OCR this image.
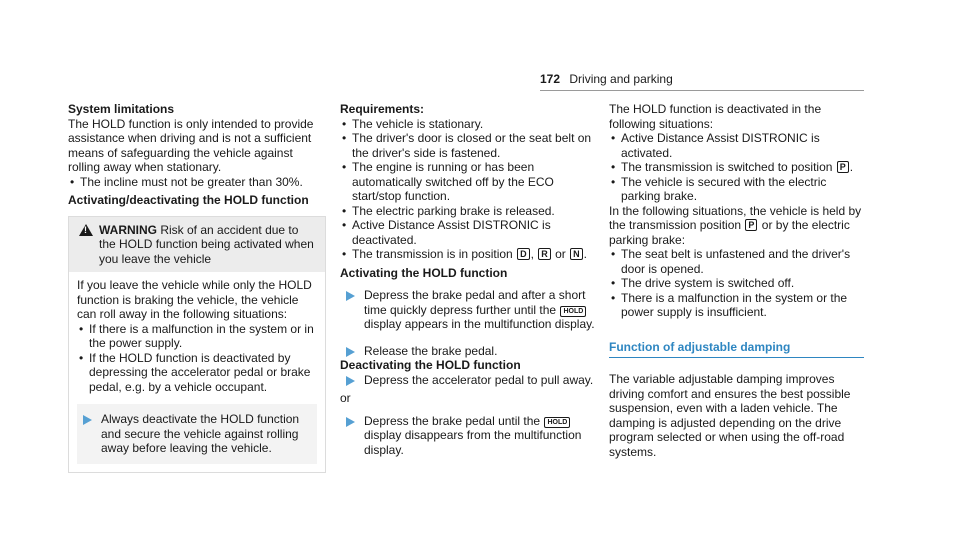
172 Driving and parking

System limitations

The HOLD function is only intended to provide assistance when driving and is not a sufficient means of safeguarding the vehicle against rolling away when stationary.

• The incline must not be greater than 30%.

Activating/deactivating the HOLD function

!
WARNING Risk of an accident due to the HOLD function being activated when you leave the vehicle

If you leave the vehicle while only the HOLD function is braking the vehicle, the vehicle can roll away in the following situations:

• If there is a malfunction in the system or in the power supply.
• If the HOLD function is deactivated by depressing the accelerator pedal or brake pedal, e.g. by a vehicle occupant.
Always deactivate the HOLD function and secure the vehicle against rolling away before leaving the vehicle.

Requirements:

• The vehicle is stationary.
• The driver's door is closed or the seat belt on the driver's side is fastened.
• The engine is running or has been automatically switched off by the ECO start/stop function.
• The electric parking brake is released.
• Active Distance Assist DISTRONIC is deactivated.
• The transmission is in position D , R or N .

Activating the HOLD function

Depress the brake pedal and after a short time quickly depress further until the HOLD display appears in the multifunction display.
Release the brake pedal.

Deactivating the HOLD function

Depress the accelerator pedal to pull away.

or

Depress the brake pedal until the HOLD display disappears from the multifunction display.

The HOLD function is deactivated in the following situations:

• Active Distance Assist DISTRONIC is activated.
• The transmission is switched to position P .
• The vehicle is secured with the electric parking brake.

In the following situations, the vehicle is held by the transmission position P or by the electric parking brake:

• The seat belt is unfastened and the driver's door is opened.
• The drive system is switched off.
• There is a malfunction in the system or the power supply is insufficient.

Function of adjustable damping

The variable adjustable damping improves driving comfort and ensures the best possible suspension, even with a laden vehicle. The damping is adjusted depending on the drive program selected or when using the off-road systems.
